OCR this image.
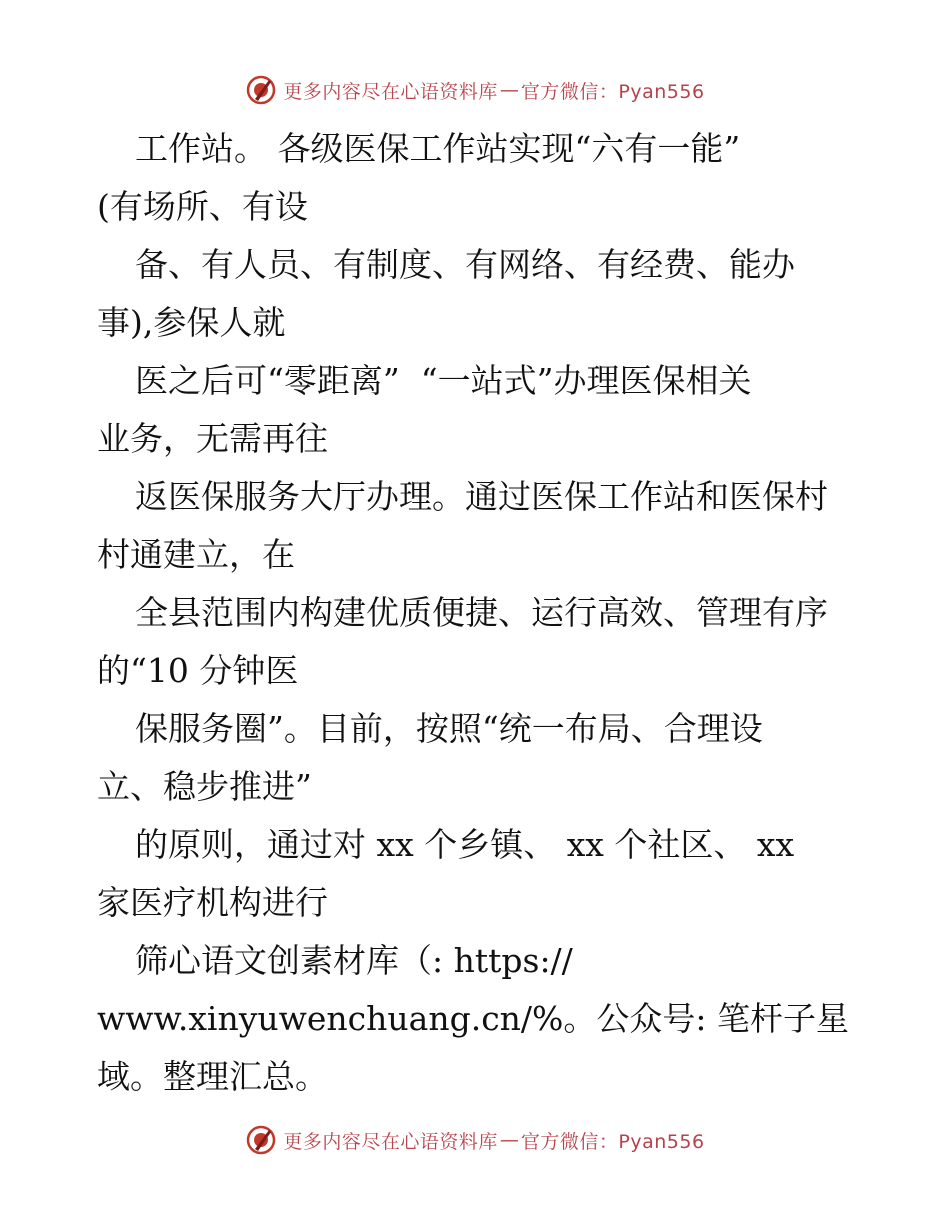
更多内容尽在心语资料库 — 官方微信：Pyan556
工作站。 各级医保工作站实现“六有一能”
(有场所、有设
备、有人员、有制度、有网络、有经费、能办
事),参保人就
医之后可“零距离”  “一站式”办理医保相关
业务，无需再往
返医保服务大厅办理。通过医保工作站和医保村
村通建立，在
全县范围内构建优质便捷、运行高效、管理有序
的“10 分钟医
保服务圈”。目前，按照“统一布局、合理设
立、稳步推进”
的原则，通过对 xx 个乡镇、 xx 个社区、 xx
家医疗机构进行
筛心语文创素材库（: https://
www.xinyuwenchuang.cn/%。公众号: 笔杆子星
域。整理汇总。
更多内容尽在心语资料库 — 官方微信：Pyan556
